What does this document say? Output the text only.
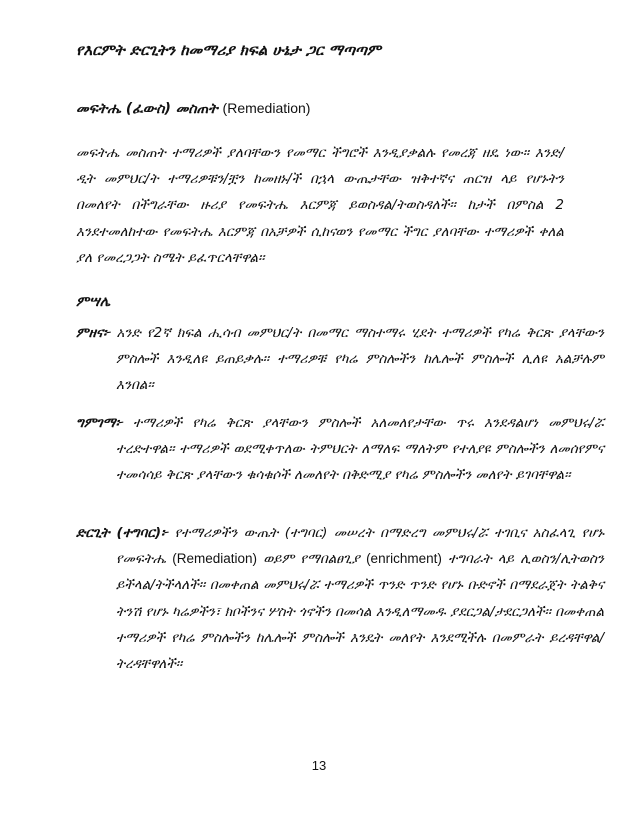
የእርምት ድርጊትን ከመማሪያ ክፍል ሁኔታ ጋር ማጣጣም
መፍትሔ (ፈውስ) መስጠት (Remediation)
መፍትሔ መስጠት ተማሪዎች ያለባቸውን የመማር ችግሮች እንዲያቃልሉ የመረጃ ዘዴ ነው፡፡ እንድ/ዲት መምህር/ት ተማሪዎቹን/ቿን ከመዘኑ/ች በኋላ ውጤታቸው ዝቅተኛና ጠርዝ ላይ የሆኑትን በመለየት በችግራቸው ዙሪያ የመፍትሔ እርምጃ ይወስዳል/ትወስዳለች፡፡ ከታች በምስል 2 እንደተመለከተው የመፍትሔ እርምጃ በአቻዎች ሲከናወን የመማር ችግር ያለባቸው ተማሪዎች ቀለል ያለ የመረጋጋት ስሜት ይፈጥርላቸዋል፡፡
ምሣሌ
ምዘና፦ አንድ የ2ኛ ክፍል ሒሳብ መምህር/ት በመማር ማስተማሩ ሂደት ተማሪዎች የካሬ ቅርጽ ያላቸውን ምስሎች እንዲለዩ ይጠይቃሉ፡፡ ተማሪዎቹ የካሬ ምስሎችን ከሌሎች ምስሎች ሊለዩ አልቻሉም እንበል፡፡
ግምገማ፦ ተማሪዎች የካሬ ቅርጽ ያላቸውን ምስሎች አለመለየታቸው ጥሩ እንደዳልሆነ መምህሩ/ሯ ተረድተዋል፡፡ ተማሪዎች ወደሚቀጥለው ትምህርት ለማለፍ ማለትም የተለያዩ ምስሎችን ለመሰየምና ተመሳሳይ ቅርጽ ያላቸውን ቁሳቁሶች ለመለየት በቅድሚያ የካሬ ምስሎችን መለየት ይገባቸዋል፡፡
ድርጊት (ተግባር)፦ የተማሪዎችን ውጤት (ተግባር) መሠረት በማድረግ መምህሩ/ሯ ተገቢና አስፈላጊ የሆኑ የመፍትሔ (Remediation) ወይም የማበልፀጊያ (enrichment) ተግባራት ላይ ሊወስን/ሊትወስን ይችላል/ትችላለች፡፡ በመቀጠል መምህሩ/ሯ ተማሪዎች ጥንድ ጥንድ የሆኑ ቡድኖች በማደራጀት ትልቅና ትንሽ የሆኑ ካሬዎችን፣ ክቦችንና ሦስት ጎኖችን በመሳል እንዲለማመዱ ያደርጋል/ታደርጋለች፡፡ በመቀጠል ተማሪዎች የካሬ ምስሎችን ከሌሎች ምስሎች እንዴት መለየት እንደሚችሉ በመምራት ይረዳቸዋል/ትረዳቸዋለች፡፡
13
